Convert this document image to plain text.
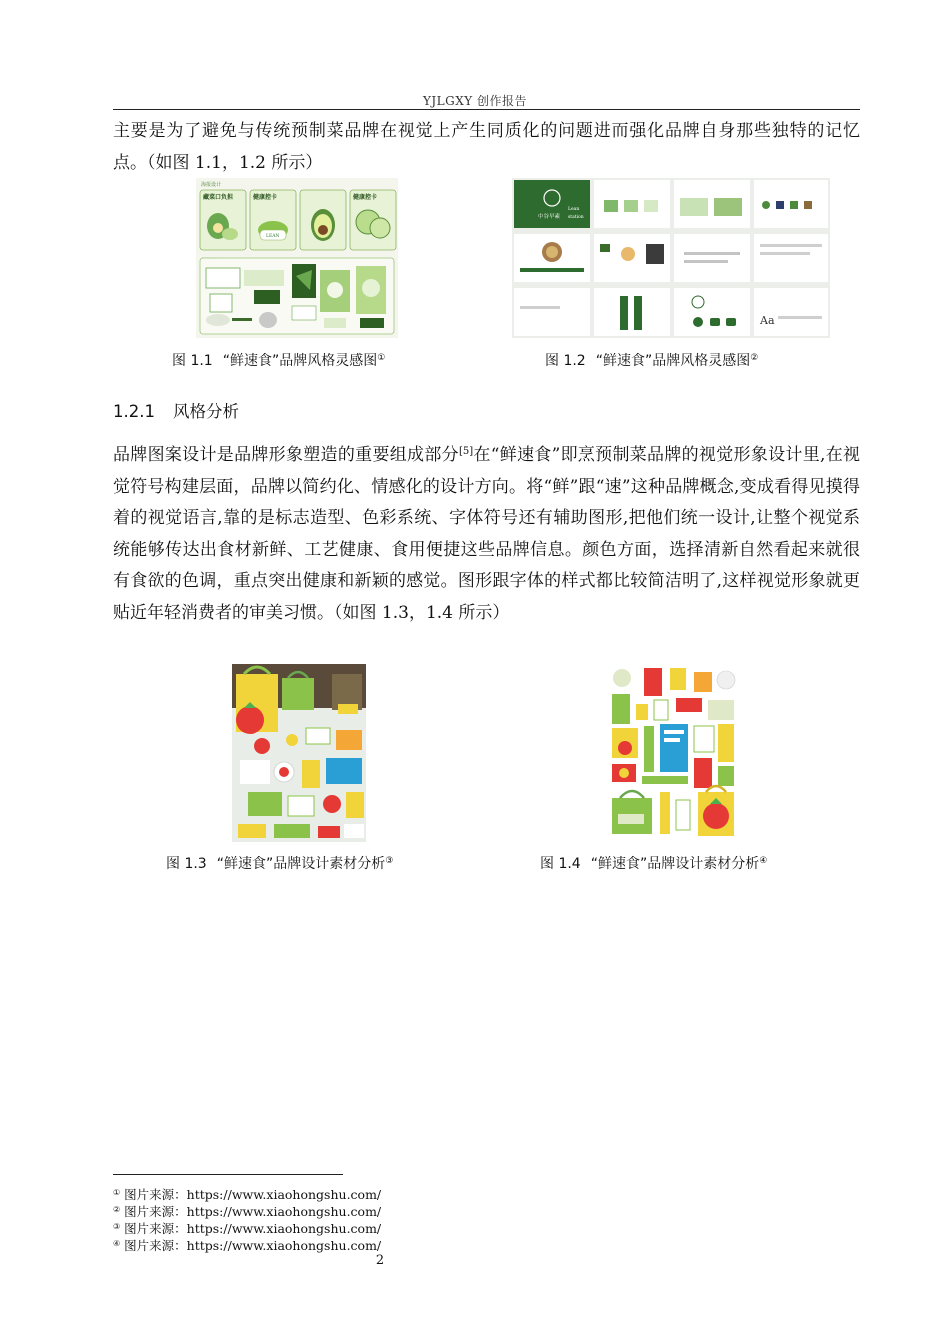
YJLGXY 创作报告

主要是为了避免与传统预制菜品牌在视觉上产生同质化的问题进而强化品牌自身那些独特的记忆点。（如图 1.1，1.2 所示）

海报设计
藏菜口负担	健康控卡	健康控卡
LEAN
图 1.1 “鲜速食”品牌风格灵感图①
中谷早素
Lean
station
Aa
图 1.2 “鲜速食”品牌风格灵感图②
1.2.1 风格分析

品牌图案设计是品牌形象塑造的重要组成部分[5]在“鲜速食”即烹预制菜品牌的视觉形象设计里,在视觉符号构建层面，品牌以简约化、情感化的设计方向。将“鲜”跟“速”这种品牌概念,变成看得见摸得着的视觉语言,靠的是标志造型、色彩系统、字体符号还有辅助图形,把他们统一设计,让整个视觉系统能够传达出食材新鲜、工艺健康、食用便捷这些品牌信息。颜色方面，选择清新自然看起来就很有食欲的色调，重点突出健康和新颖的感觉。图形跟字体的样式都比较简洁明了,这样视觉形象就更贴近年轻消费者的审美习惯。（如图 1.3，1.4 所示）

图 1.3 “鲜速食”品牌设计素材分析③	图 1.4 “鲜速食”品牌设计素材分析④
① 图片来源：https://www.xiaohongshu.com/
② 图片来源：https://www.xiaohongshu.com/
③ 图片来源：https://www.xiaohongshu.com/
④ 图片来源：https://www.xiaohongshu.com/
2
